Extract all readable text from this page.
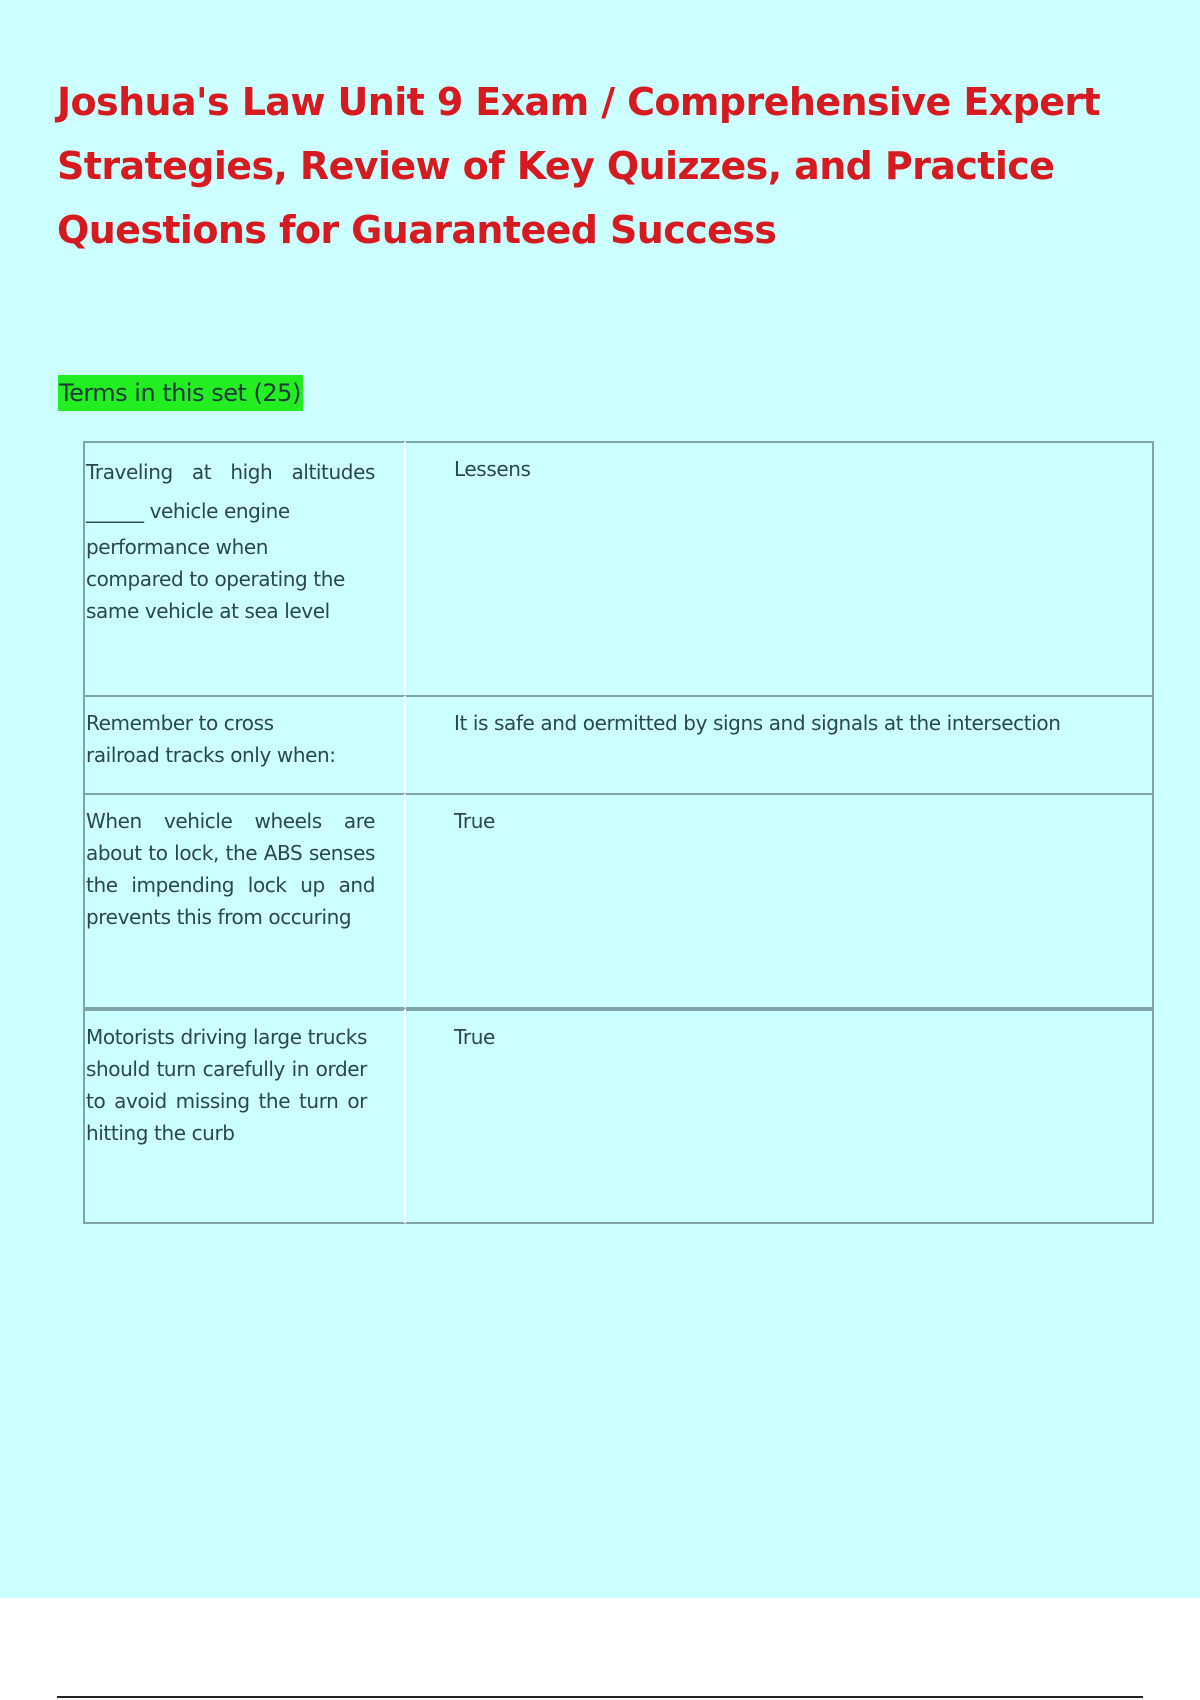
Joshua's Law Unit 9 Exam / Comprehensive Expert Strategies, Review of Key Quizzes, and Practice Questions for Guaranteed Success
Terms in this set (25)
Traveling at high altitudes
______ vehicle engine
performance when compared to operating the same vehicle at sea level	Lessens

Remember to cross railroad tracks only when:	It is safe and oermitted by signs and signals at the intersection

When vehicle wheels are about to lock, the ABS senses the impending lock up and prevents this from occuring	True

Motorists driving large trucks should turn carefully in order to avoid missing the turn or hitting the curb	True
